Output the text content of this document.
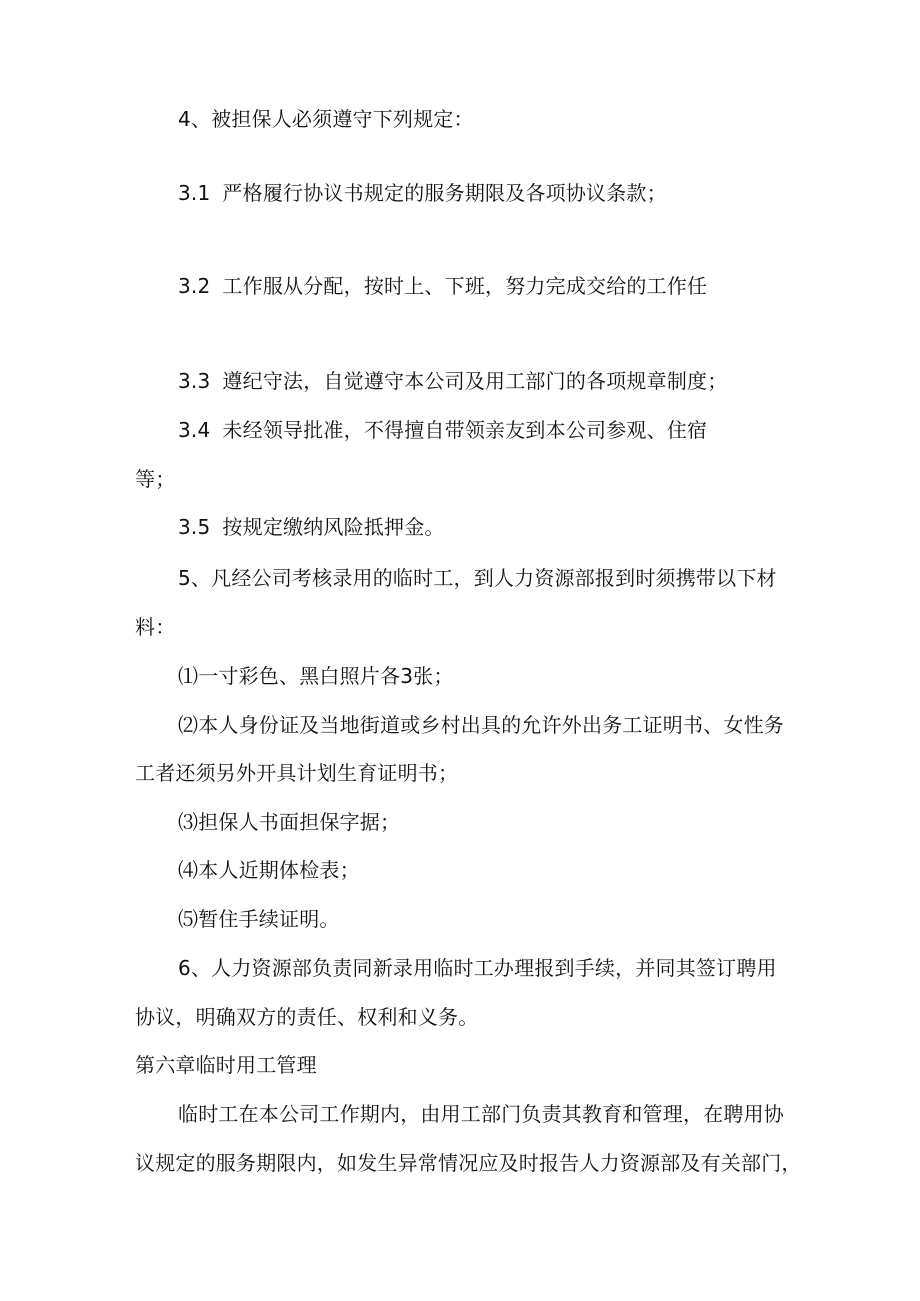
4、被担保人必须遵守下列规定：
3.1 严格履行协议书规定的服务期限及各项协议条款；
3.2 工作服从分配，按时上、下班，努力完成交给的工作任
3.3 遵纪守法，自觉遵守本公司及用工部门的各项规章制度；
3.4 未经领导批准，不得擅自带领亲友到本公司参观、住宿
等；
3.5 按规定缴纳风险抵押金。
5、凡经公司考核录用的临时工，到人力资源部报到时须携带以下材
料：
⑴一寸彩色、黑白照片各3张；
⑵本人身份证及当地街道或乡村出具的允许外出务工证明书、女性务
工者还须另外开具计划生育证明书；
⑶担保人书面担保字据；
⑷本人近期体检表；
⑸暂住手续证明。
6、人力资源部负责同新录用临时工办理报到手续，并同其签订聘用
协议，明确双方的责任、权利和义务。
第六章临时用工管理
临时工在本公司工作期内，由用工部门负责其教育和管理，在聘用协
议规定的服务期限内，如发生异常情况应及时报告人力资源部及有关部门，
